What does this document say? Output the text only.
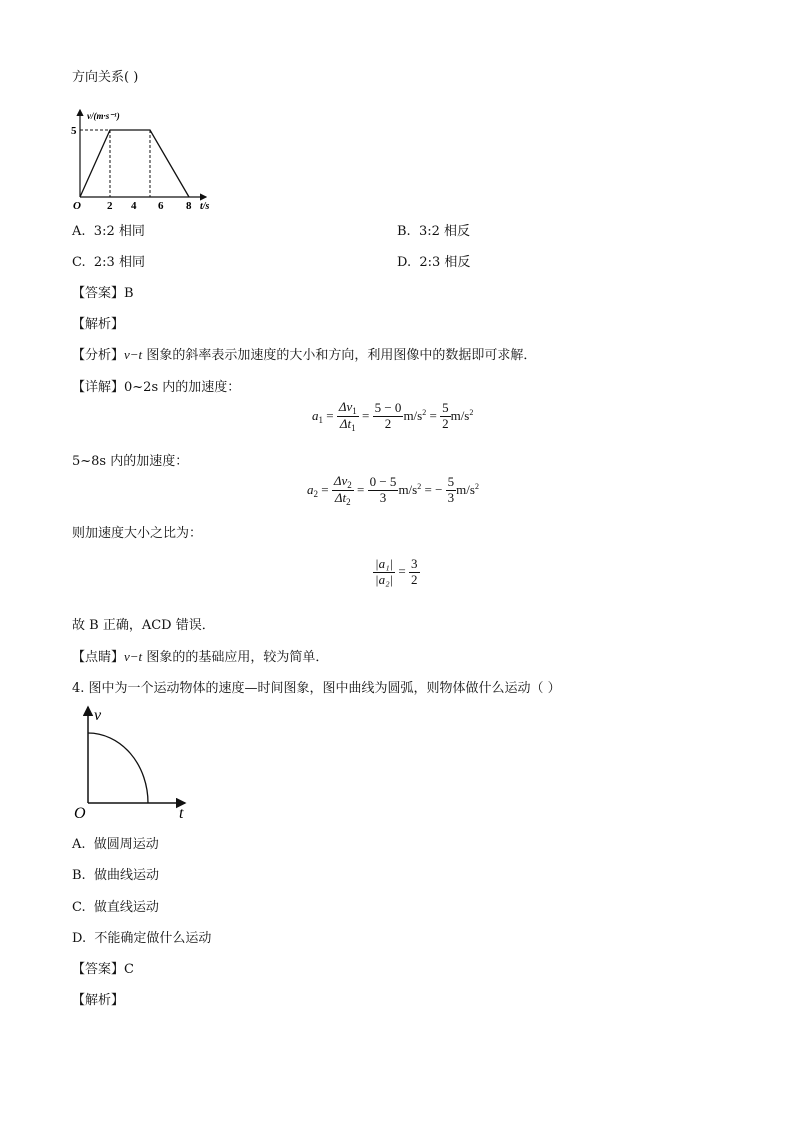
方向关系( )
v/(m·s⁻¹)
5
O 2 4 6 8 t/s
A. 3:2 相同	B. 3:2 相反
C. 2:3 相同	D. 2:3 相反
【答案】B
【解析】
【分析】v−t 图象的斜率表示加速度的大小和方向，利用图像中的数据即可求解．
【详解】0~2s 内的加速度：
$a_1 = \frac{\Delta v_1}{\Delta t_1} = \frac{5 - 0}{2} m/s^2 = \frac{5}{2} m/s^2$
5~8s 内的加速度：
$a_2 = \frac{\Delta v_2}{\Delta t_2} = \frac{0 - 5}{3} m/s^2$ = − $\frac{5}{3} m/s^2$
则加速度大小之比为：
$\frac{\text{|a₁|}}{\text{|a₂|}} = \frac{3}{2}$
故 B 正确，ACD 错误．
【点睛】v−t 图象的的基础应用，较为简单．
4. 图中为一个运动物体的速度—时间图象，图中曲线为圆弧，则物体做什么运动（ ）
v
O	t
A. 做圆周运动
B. 做曲线运动
C. 做直线运动
D. 不能确定做什么运动
【答案】C
【解析】
